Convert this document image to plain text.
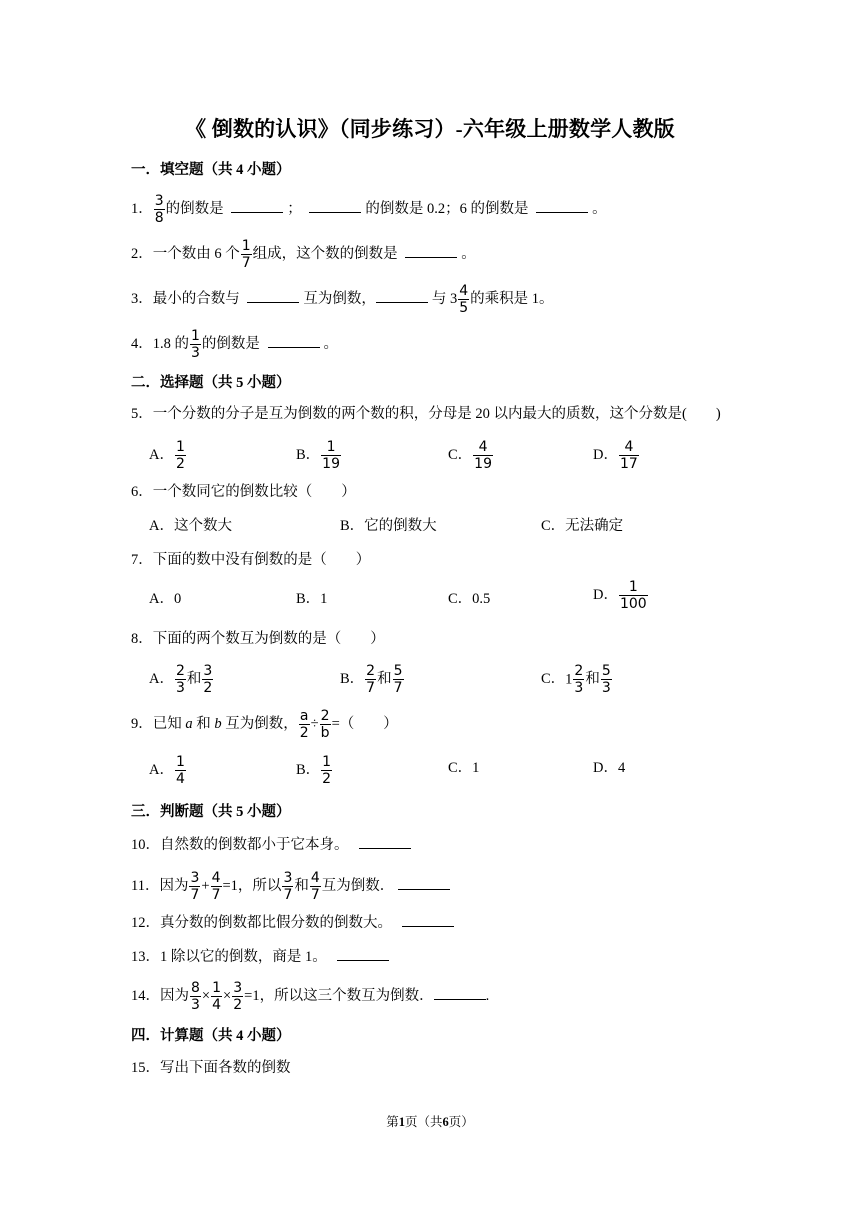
《 倒数的认识》（同步练习）-六年级上册数学人教版
一．填空题（共 4 小题）
1． $\frac{3}{8}$ 的倒数是	；	的倒数是 0.2；6 的倒数是	。
2．一个数由 6 个 $\frac{1}{7}$ 组成，这个数的倒数是	。
3．最小的合数与	互为倒数，	与 $3 \frac{4}{5}$ 的乘积是 1。
4．1.8 的 $\frac{1}{3}$ 的倒数是	。
二．选择题（共 5 小题）
5．一个分数的分子是互为倒数的两个数的积，分母是 20 以内最大的质数，这个分数是(　　)
A． $\frac{1}{2}$	B． $\frac{1}{19}$	C． $\frac{4}{19}$	D． $\frac{4}{17}$
6．一个数同它的倒数比较（　　）
A．这个数大	B．它的倒数大	C．无法确定
7．下面的数中没有倒数的是（　　）
A．0	B．1	C．0.5	D． $\frac{1}{100}$
8．下面的两个数互为倒数的是（　　）
A． $\frac{2}{3}$ 和 $\frac{3}{2}$	B． $\frac{2}{7}$ 和 $\frac{5}{7}$	C．$1 \frac{2}{3}$ 和 $\frac{5}{3}$
9．已知 a 和 b 互为倒数， $\frac{a}{2} \div \frac{2}{b}$ =（　　）
A． $\frac{1}{4}$	B． $\frac{1}{2}$	C．1	D．4
三．判断题（共 5 小题）
10．自然数的倒数都小于它本身。
11．因为 $\frac{3}{7} + \frac{4}{7} =1$，所以 $\frac{3}{7}$ 和 $\frac{4}{7}$ 互为倒数．
12．真分数的倒数都比假分数的倒数大。
13．1 除以它的倒数，商是 1。
14．因为 $\frac{8}{3} \times \frac{1}{4} \times \frac{3}{2} =1$，所以这三个数互为倒数．	.
四．计算题（共 4 小题）
15．写出下面各数的倒数
第1页（共6页）
